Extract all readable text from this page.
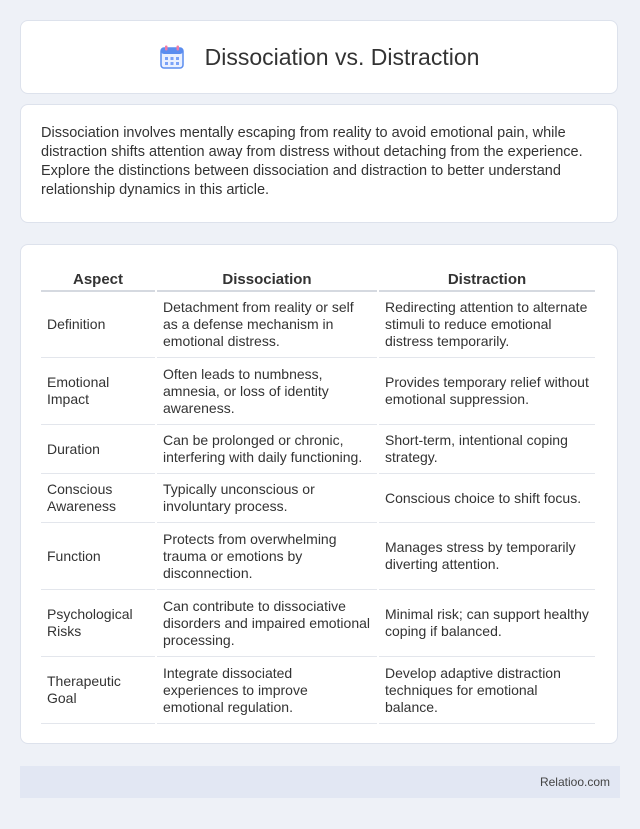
Dissociation vs. Distraction

Dissociation involves mentally escaping from reality to avoid emotional pain, while distraction shifts attention away from distress without detaching from the experience. Explore the distinctions between dissociation and distraction to better understand relationship dynamics in this article.

Aspect	Dissociation	Distraction
Definition	Detachment from reality or self as a defense mechanism in emotional distress.	Redirecting attention to alternate stimuli to reduce emotional distress temporarily.
Emotional Impact	Often leads to numbness, amnesia, or loss of identity awareness.	Provides temporary relief without emotional suppression.
Duration	Can be prolonged or chronic, interfering with daily functioning.	Short-term, intentional coping strategy.
Conscious Awareness	Typically unconscious or involuntary process.	Conscious choice to shift focus.
Function	Protects from overwhelming trauma or emotions by disconnection.	Manages stress by temporarily diverting attention.
Psychological Risks	Can contribute to dissociative disorders and impaired emotional processing.	Minimal risk; can support healthy coping if balanced.
Therapeutic Goal	Integrate dissociated experiences to improve emotional regulation.	Develop adaptive distraction techniques for emotional balance.
Relatioo.com
